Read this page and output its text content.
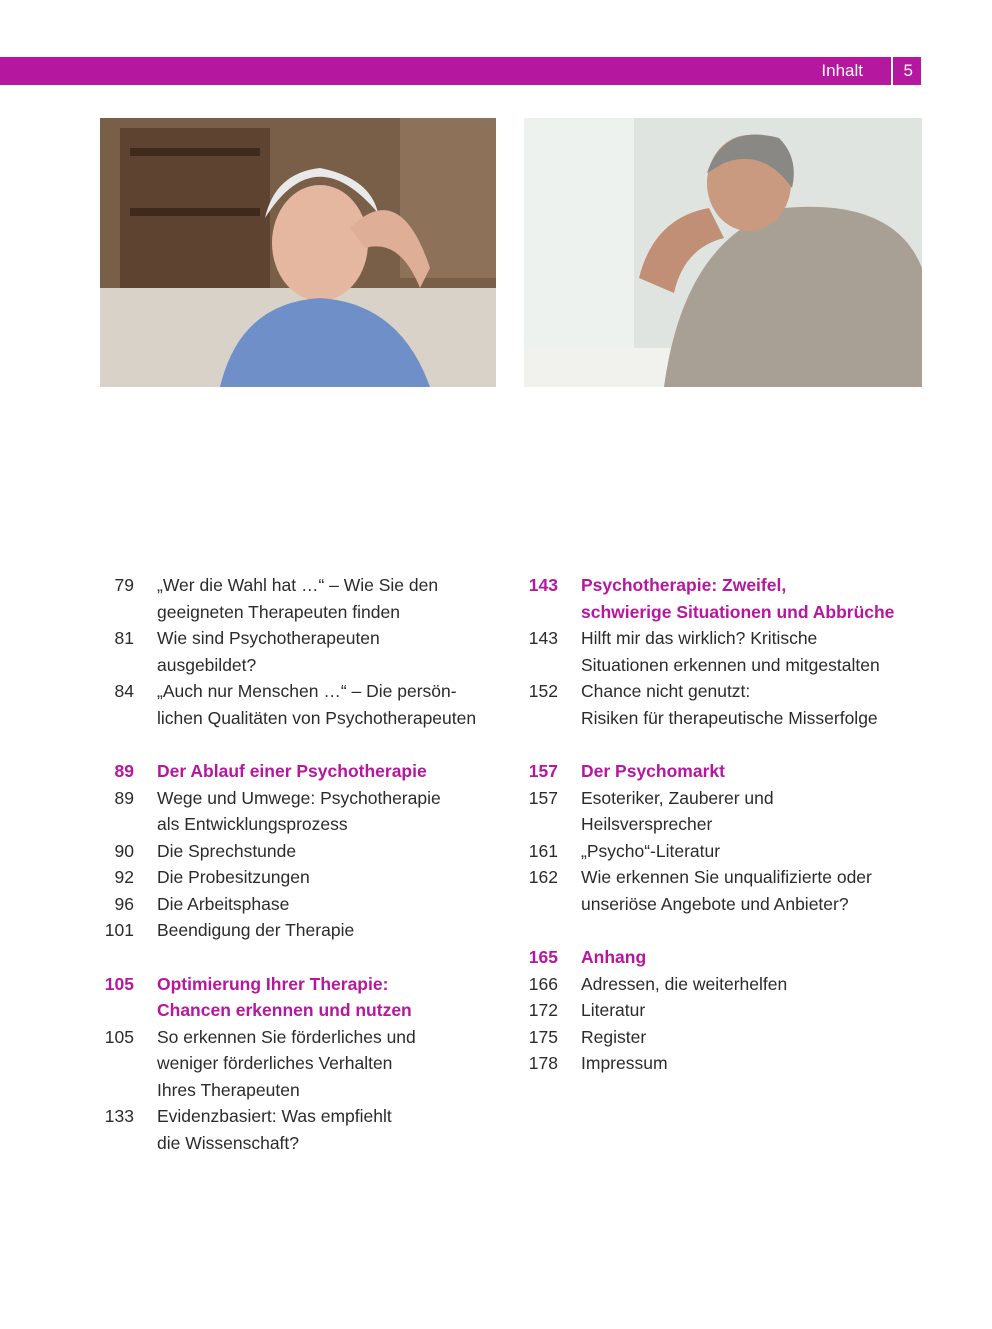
Inhalt 5
79 „Wer die Wahl hat …“ – Wie Sie den
geeigneten Therapeuten finden
81 Wie sind Psychotherapeuten
ausgebildet?
84 „Auch nur Menschen …“ – Die persön-
lichen Qualitäten von Psychotherapeuten
89 Der Ablauf einer Psychotherapie
89 Wege und Umwege: Psychotherapie
als Entwicklungsprozess
90 Die Sprechstunde
92 Die Probesitzungen
96 Die Arbeitsphase
101 Beendigung der Therapie
105 Optimierung Ihrer Therapie:
Chancen erkennen und nutzen
105 So erkennen Sie förderliches und
weniger förderliches Verhalten
Ihres Therapeuten
133 Evidenzbasiert: Was empfiehlt
die Wissenschaft?
143 Psychotherapie: Zweifel,
schwierige Situationen und Abbrüche
143 Hilft mir das wirklich? Kritische
Situationen erkennen und mitgestalten
152 Chance nicht genutzt:
Risiken für therapeutische Misserfolge
157 Der Psychomarkt
157 Esoteriker, Zauberer und
Heilsversprecher
161 „Psycho“-Literatur
162 Wie erkennen Sie unqualifizierte oder
unseriöse Angebote und Anbieter?
165 Anhang
166 Adressen, die weiterhelfen
172 Literatur
175 Register
178 Impressum
